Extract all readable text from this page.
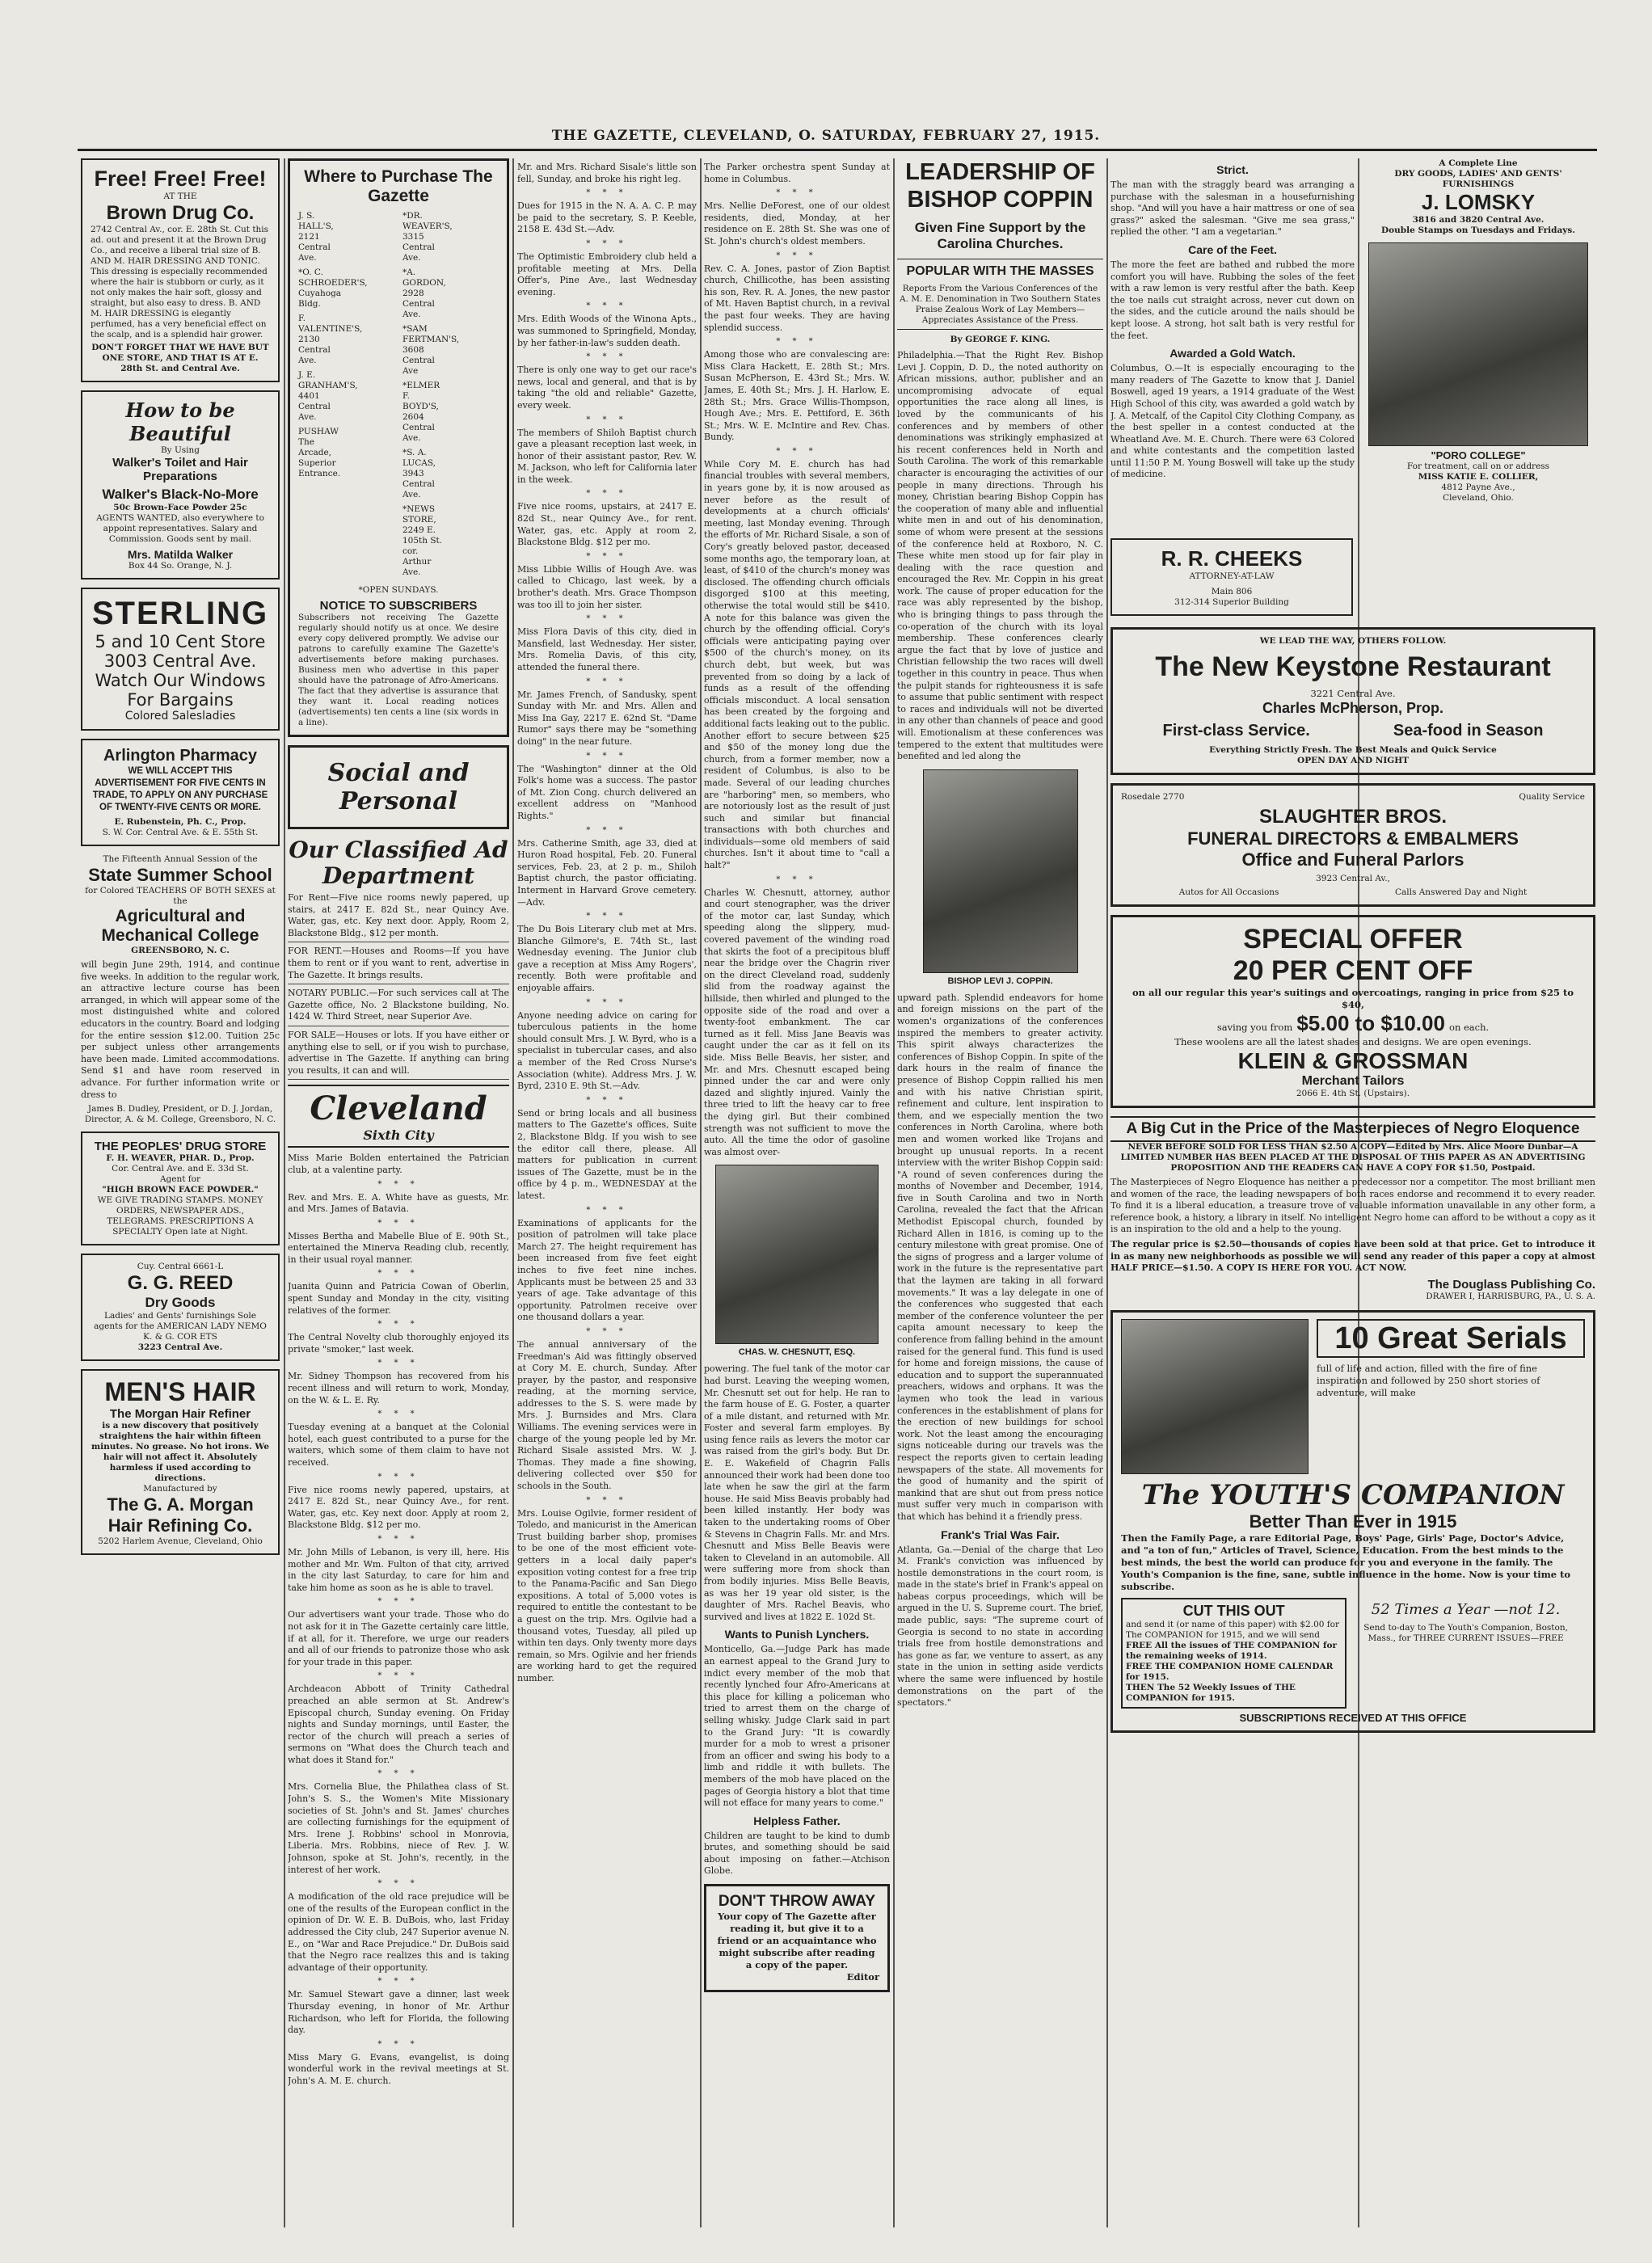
THE GAZETTE, CLEVELAND, O. SATURDAY, FEBRUARY 27, 1915.
Free! Free! Free!
AT THE
Brown Drug Co.
2742 Central Av., cor. E. 28th St. Cut this ad. out and present it at the Brown Drug Co., and receive a liberal trial size of B. AND M. HAIR DRESSING AND TONIC. This dressing is especially recommended where the hair is stubborn or curly, as it not only makes the hair soft, glossy and straight, but also easy to dress. B. AND M. HAIR DRESSING is elegantly perfumed, has a very beneficial effect on the scalp, and is a splendid hair grower.
DON'T FORGET THAT WE HAVE BUT ONE STORE, AND THAT IS AT E. 28th St. and Central Ave.
How to be Beautiful
By Using
Walker's Toilet and Hair Preparations
Walker's Black-No-More
50c Brown-Face Powder 25c
AGENTS WANTED, also everywhere to appoint representatives. Salary and Commission. Goods sent by mail.
Mrs. Matilda Walker
Box 44 So. Orange, N. J.
STERLING
5 and 10 Cent Store
3003 Central Ave.
Watch Our Windows
For Bargains
Colored Salesladies
Arlington Pharmacy
WE WILL ACCEPT THIS ADVERTISEMENT FOR FIVE CENTS IN TRADE, TO APPLY ON ANY PURCHASE OF TWENTY-FIVE CENTS OR MORE.
E. Rubenstein, Ph. C., Prop.
S. W. Cor. Central Ave. & E. 55th St.
The Fifteenth Annual Session of the
State Summer School
for Colored TEACHERS OF BOTH SEXES at the
Agricultural and Mechanical College
GREENSBORO, N. C.
will begin June 29th, 1914, and continue five weeks. In addition to the regular work, an attractive lecture course has been arranged, in which will appear some of the most distinguished white and colored educators in the country. Board and lodging for the entire session $12.00. Tuition 25c per subject unless other arrangements have been made. Limited accommodations. Send $1 and have room reserved in advance. For further information write or dress to
James B. Dudley, President, or D. J. Jordan, Director, A. & M. College, Greensboro, N. C.
THE PEOPLES' DRUG STORE
F. H. WEAVER, PHAR. D., Prop.
Cor. Central Ave. and E. 33d St.
Agent for
"HIGH BROWN FACE POWDER."
WE GIVE TRADING STAMPS. MONEY ORDERS, NEWSPAPER ADS., TELEGRAMS. PRESCRIPTIONS A SPECIALTY Open late at Night.
Cuy. Central 6661-L
G. G. REED
Dry Goods
Ladies' and Gents' furnishings Sole agents for the AMERICAN LADY NEMO K. & G. COR ETS
3223 Central Ave.
MEN'S HAIR
The Morgan Hair Refiner
is a new discovery that positively straightens the hair within fifteen minutes. No grease. No hot irons. We hair will not affect it. Absolutely harmless if used according to directions.
Manufactured by
The G. A. Morgan Hair Refining Co.
5202 Harlem Avenue, Cleveland, Ohio
Where to Purchase The Gazette
J. S. HALL'S, 2121 Central Ave.
*O. C. SCHROEDER'S, Cuyahoga Bldg.
F. VALENTINE'S, 2130 Central Ave.
J. E. GRANHAM'S, 4401 Central Ave.
PUSHAW The Arcade, Superior Entrance.
*DR. WEAVER'S, 3315 Central Ave.
*A. GORDON, 2928 Central Ave.
*SAM FERTMAN'S, 3608 Central Ave
*ELMER F. BOYD'S, 2604 Central Ave.
*S. A. LUCAS, 3943 Central Ave.
*NEWS STORE, 2249 E. 105th St. cor. Arthur Ave.
*OPEN SUNDAYS.
NOTICE TO SUBSCRIBERS
Subscribers not receiving The Gazette regularly should notify us at once. We desire every copy delivered promptly. We advise our patrons to carefully examine The Gazette's advertisements before making purchases. Business men who advertise in this paper should have the patronage of Afro-Americans. The fact that they advertise is assurance that they want it. Local reading notices (advertisements) ten cents a line (six words in a line).
Social and Personal
Our Classified Ad Department
For Rent—Five nice rooms newly papered, up stairs, at 2417 E. 82d St., near Quincy Ave. Water, gas, etc. Key next door. Apply, Room 2, Blackstone Bldg., $12 per month.
FOR RENT.—Houses and Rooms—If you have them to rent or if you want to rent, advertise in The Gazette. It brings results.
NOTARY PUBLIC.—For such services call at The Gazette office, No. 2 Blackstone building, No. 1424 W. Third Street, near Superior Ave.
FOR SALE—Houses or lots. If you have either or anything else to sell, or if you wish to purchase, advertise in The Gazette. If anything can bring you results, it can and will.
Cleveland
Sixth City
Miss Marie Bolden entertained the Patrician club, at a valentine party.
* * *
Rev. and Mrs. E. A. White have as guests, Mr. and Mrs. James of Batavia.
* * *
Misses Bertha and Mabelle Blue of E. 90th St., entertained the Minerva Reading club, recently, in their usual royal manner.
* * *
Juanita Quinn and Patricia Cowan of Oberlin, spent Sunday and Monday in the city, visiting relatives of the former.
* * *
The Central Novelty club thoroughly enjoyed its private "smoker," last week.
* * *
Mr. Sidney Thompson has recovered from his recent illness and will return to work, Monday, on the W. & L. E. Ry.
* * *
Tuesday evening at a banquet at the Colonial hotel, each guest contributed to a purse for the waiters, which some of them claim to have not received.
* * *
Five nice rooms newly papered, upstairs, at 2417 E. 82d St., near Quincy Ave., for rent. Water, gas, etc. Key next door. Apply at room 2, Blackstone Bldg. $12 per mo.
* * *
Mr. John Mills of Lebanon, is very ill, here. His mother and Mr. Wm. Fulton of that city, arrived in the city last Saturday, to care for him and take him home as soon as he is able to travel.
* * *
Our advertisers want your trade. Those who do not ask for it in The Gazette certainly care little, if at all, for it. Therefore, we urge our readers and all of our friends to patronize those who ask for your trade in this paper.
* * *
Archdeacon Abbott of Trinity Cathedral preached an able sermon at St. Andrew's Episcopal church, Sunday evening. On Friday nights and Sunday mornings, until Easter, the rector of the church will preach a series of sermons on "What does the Church teach and what does it Stand for."
* * *
Mrs. Cornelia Blue, the Philathea class of St. John's S. S., the Women's Mite Missionary societies of St. John's and St. James' churches are collecting furnishings for the equipment of Mrs. Irene J. Robbins' school in Monrovia, Liberia. Mrs. Robbins, niece of Rev. J. W. Johnson, spoke at St. John's, recently, in the interest of her work.
* * *
A modification of the old race prejudice will be one of the results of the European conflict in the opinion of Dr. W. E. B. DuBois, who, last Friday addressed the City club, 247 Superior avenue N. E., on "War and Race Prejudice." Dr. DuBois said that the Negro race realizes this and is taking advantage of their opportunity.
* * *
Mr. Samuel Stewart gave a dinner, last week Thursday evening, in honor of Mr. Arthur Richardson, who left for Florida, the following day.
* * *
Miss Mary G. Evans, evangelist, is doing wonderful work in the revival meetings at St. John's A. M. E. church.
Mr. and Mrs. Richard Sisale's little son fell, Sunday, and broke his right leg.
* * *
Dues for 1915 in the N. A. A. C. P. may be paid to the secretary, S. P. Keeble, 2158 E. 43d St.—Adv.
* * *
The Optimistic Embroidery club held a profitable meeting at Mrs. Della Offer's, Pine Ave., last Wednesday evening.
* * *
Mrs. Edith Woods of the Winona Apts., was summoned to Springfield, Monday, by her father-in-law's sudden death.
* * *
There is only one way to get our race's news, local and general, and that is by taking "the old and reliable" Gazette, every week.
* * *
The members of Shiloh Baptist church gave a pleasant reception last week, in honor of their assistant pastor, Rev. W. M. Jackson, who left for California later in the week.
* * *
Five nice rooms, upstairs, at 2417 E. 82d St., near Quincy Ave., for rent. Water, gas, etc. Apply at room 2, Blackstone Bldg. $12 per mo.
* * *
Miss Libbie Willis of Hough Ave. was called to Chicago, last week, by a brother's death. Mrs. Grace Thompson was too ill to join her sister.
* * *
Miss Flora Davis of this city, died in Mansfield, last Wednesday. Her sister, Mrs. Romelia Davis, of this city, attended the funeral there.
* * *
Mr. James French, of Sandusky, spent Sunday with Mr. and Mrs. Allen and Miss Ina Gay, 2217 E. 62nd St. "Dame Rumor" says there may be "something doing" in the near future.
* * *
The "Washington" dinner at the Old Folk's home was a success. The pastor of Mt. Zion Cong. church delivered an excellent address on "Manhood Rights."
* * *
Mrs. Catherine Smith, age 33, died at Huron Road hospital, Feb. 20. Funeral services, Feb. 23, at 2 p. m., Shiloh Baptist church, the pastor officiating. Interment in Harvard Grove cemetery.—Adv.
* * *
The Du Bois Literary club met at Mrs. Blanche Gilmore's, E. 74th St., last Wednesday evening. The Junior club gave a reception at Miss Amy Rogers', recently. Both were profitable and enjoyable affairs.
* * *
Anyone needing advice on caring for tuberculous patients in the home should consult Mrs. J. W. Byrd, who is a specialist in tubercular cases, and also a member of the Red Cross Nurse's Association (white). Address Mrs. J. W. Byrd, 2310 E. 9th St.—Adv.
* * *
Send or bring locals and all business matters to The Gazette's offices, Suite 2, Blackstone Bldg. If you wish to see the editor call there, please. All matters for publication in current issues of The Gazette, must be in the office by 4 p. m., WEDNESDAY at the latest.
* * *
Examinations of applicants for the position of patrolmen will take place March 27. The height requirement has been increased from five feet eight inches to five feet nine inches. Applicants must be between 25 and 33 years of age. Take advantage of this opportunity. Patrolmen receive over one thousand dollars a year.
* * *
The annual anniversary of the Freedman's Aid was fittingly observed at Cory M. E. church, Sunday. After prayer, by the pastor, and responsive reading, at the morning service, addresses to the S. S. were made by Mrs. J. Burnsides and Mrs. Clara Williams. The evening services were in charge of the young people led by Mr. Richard Sisale assisted Mrs. W. J. Thomas. They made a fine showing, delivering collected over $50 for schools in the South.
* * *
Mrs. Louise Ogilvie, former resident of Toledo, and manicurist in the American Trust building barber shop, promises to be one of the most efficient vote-getters in a local daily paper's exposition voting contest for a free trip to the Panama-Pacific and San Diego expositions. A total of 5,000 votes is required to entitle the contestant to be a guest on the trip. Mrs. Ogilvie had a thousand votes, Tuesday, all piled up within ten days. Only twenty more days remain, so Mrs. Ogilvie and her friends are working hard to get the required number.
The Parker orchestra spent Sunday at home in Columbus.
* * *
Mrs. Nellie DeForest, one of our oldest residents, died, Monday, at her residence on E. 28th St. She was one of St. John's church's oldest members.
* * *
Rev. C. A. Jones, pastor of Zion Baptist church, Chillicothe, has been assisting his son, Rev. R. A. Jones, the new pastor of Mt. Haven Baptist church, in a revival the past four weeks. They are having splendid success.
* * *
Among those who are convalescing are: Miss Clara Hackett, E. 28th St.; Mrs. Susan McPherson, E. 43rd St.; Mrs. W. James, E. 40th St.; Mrs. J. H. Harlow, E. 28th St.; Mrs. Grace Willis-Thompson, Hough Ave.; Mrs. E. Pettiford, E. 36th St.; Mrs. W. E. McIntire and Rev. Chas. Bundy.
* * *
While Cory M. E. church has had financial troubles with several members, in years gone by, it is now aroused as never before as the result of developments at a church officials' meeting, last Monday evening. Through the efforts of Mr. Richard Sisale, a son of Cory's greatly beloved pastor, deceased some months ago, the temporary loan, at least, of $410 of the church's money was disclosed. The offending church officials disgorged $100 at this meeting, otherwise the total would still be $410. A note for this balance was given the church by the offending official. Cory's officials were anticipating paying over $500 of the church's money, on its church debt, but week, but was prevented from so doing by a lack of funds as a result of the offending officials misconduct. A local sensation has been created by the forgoing and additional facts leaking out to the public. Another effort to secure between $25 and $50 of the money long due the church, from a former member, now a resident of Columbus, is also to be made. Several of our leading churches are "harboring" men, so members, who are notoriously lost as the result of just such and similar but financial transactions with both churches and individuals—some old members of said churches. Isn't it about time to "call a halt?"
* * *
Charles W. Chesnutt, attorney, author and court stenographer, was the driver of the motor car, last Sunday, which speeding along the slippery, mud-covered pavement of the winding road that skirts the foot of a precipitous bluff near the bridge over the Chagrin river on the direct Cleveland road, suddenly slid from the roadway against the hillside, then whirled and plunged to the opposite side of the road and over a twenty-foot embankment. The car turned as it fell. Miss Jane Beavis was caught under the car as it fell on its side. Miss Belle Beavis, her sister, and Mr. and Mrs. Chesnutt escaped being pinned under the car and were only dazed and slightly injured. Vainly the three tried to lift the heavy car to free the dying girl. But their combined strength was not sufficient to move the auto. All the time the odor of gasoline was almost over-
CHAS. W. CHESNUTT, ESQ.
powering. The fuel tank of the motor car had burst. Leaving the weeping women, Mr. Chesnutt set out for help. He ran to the farm house of E. G. Foster, a quarter of a mile distant, and returned with Mr. Foster and several farm employes. By using fence rails as levers the motor car was raised from the girl's body. But Dr. E. E. Wakefield of Chagrin Falls announced their work had been done too late when he saw the girl at the farm house. He said Miss Beavis probably had been killed instantly. Her body was taken to the undertaking rooms of Ober & Stevens in Chagrin Falls. Mr. and Mrs. Chesnutt and Miss Belle Beavis were taken to Cleveland in an automobile. All were suffering more from shock than from bodily injuries. Miss Belle Beavis, as was her 19 year old sister, is the daughter of Mrs. Rachel Beavis, who survived and lives at 1822 E. 102d St.
Wants to Punish Lynchers.
Monticello, Ga.—Judge Park has made an earnest appeal to the Grand Jury to indict every member of the mob that recently lynched four Afro-Americans at this place for killing a policeman who tried to arrest them on the charge of selling whisky. Judge Clark said in part to the Grand Jury: "It is cowardly murder for a mob to wrest a prisoner from an officer and swing his body to a limb and riddle it with bullets. The members of the mob have placed on the pages of Georgia history a blot that time will not efface for many years to come."
Helpless Father.
Children are taught to be kind to dumb brutes, and something should be said about imposing on father.—Atchison Globe.
DON'T THROW AWAY
Your copy of The Gazette after reading it, but give it to a friend or an acquaintance who might subscribe after reading a copy of the paper.
Editor
LEADERSHIP OF
BISHOP COPPIN
Given Fine Support by the Carolina Churches.
POPULAR WITH THE MASSES
Reports From the Various Conferences of the A. M. E. Denomination in Two Southern States Praise Zealous Work of Lay Members—Appreciates Assistance of the Press.
By GEORGE F. KING.
Philadelphia.—That the Right Rev. Bishop Levi J. Coppin, D. D., the noted authority on African missions, author, publisher and an uncompromising advocate of equal opportunities the race along all lines, is loved by the communicants of his conferences and by members of other denominations was strikingly emphasized at his recent conferences held in North and South Carolina. The work of this remarkable character is encouraging the activities of our people in many directions. Through his money, Christian bearing Bishop Coppin has the cooperation of many able and influential white men in and out of his denomination, some of whom were present at the sessions of the conference held at Roxboro, N. C. These white men stood up for fair play in dealing with the race question and encouraged the Rev. Mr. Coppin in his great work. The cause of proper education for the race was ably represented by the bishop, who is bringing things to pass through the co-operation of the church with its loyal membership. These conferences clearly argue the fact that by love of justice and Christian fellowship the two races will dwell together in this country in peace. Thus when the pulpit stands for righteousness it is safe to assume that public sentiment with respect to races and individuals will not be diverted in any other than channels of peace and good will. Emotionalism at these conferences was tempered to the extent that multitudes were benefited and led along the
BISHOP LEVI J. COPPIN.
upward path. Splendid endeavors for home and foreign missions on the part of the women's organizations of the conferences inspired the members to greater activity. This spirit always characterizes the conferences of Bishop Coppin. In spite of the dark hours in the realm of finance the presence of Bishop Coppin rallied his men and with his native Christian spirit, refinement and culture, lent inspiration to them, and we especially mention the two conferences in North Carolina, where both men and women worked like Trojans and brought up unusual reports. In a recent interview with the writer Bishop Coppin said: "A round of seven conferences during the months of November and December, 1914, five in South Carolina and two in North Carolina, revealed the fact that the African Methodist Episcopal church, founded by Richard Allen in 1816, is coming up to the century milestone with great promise. One of the signs of progress and a larger volume of work in the future is the representative part that the laymen are taking in all forward movements." It was a lay delegate in one of the conferences who suggested that each member of the conference volunteer the per capita amount necessary to keep the conference from falling behind in the amount raised for the general fund. This fund is used for home and foreign missions, the cause of education and to support the superannuated preachers, widows and orphans. It was the laymen who took the lead in various conferences in the establishment of plans for the erection of new buildings for school work. Not the least among the encouraging signs noticeable during our travels was the respect the reports given to certain leading newspapers of the state. All movements for the good of humanity and the spirit of mankind that are shut out from press notice must suffer very much in comparison with that which has behind it a friendly press.
Frank's Trial Was Fair.
Atlanta, Ga.—Denial of the charge that Leo M. Frank's conviction was influenced by hostile demonstrations in the court room, is made in the state's brief in Frank's appeal on habeas corpus proceedings, which will be argued in the U. S. Supreme court. The brief, made public, says: "The supreme court of Georgia is second to no state in according trials free from hostile demonstrations and has gone as far, we venture to assert, as any state in the union in setting aside verdicts where the same were influenced by hostile demonstrations on the part of the spectators."
Strict.
The man with the straggly beard was arranging a purchase with the salesman in a housefurnishing shop. "And will you have a hair mattress or one of sea grass?" asked the salesman. "Give me sea grass," replied the other. "I am a vegetarian."
Care of the Feet.
The more the feet are bathed and rubbed the more comfort you will have. Rubbing the soles of the feet with a raw lemon is very restful after the bath. Keep the toe nails cut straight across, never cut down on the sides, and the cuticle around the nails should be kept loose. A strong, hot salt bath is very restful for the feet.
Awarded a Gold Watch.
Columbus, O.—It is especially encouraging to the many readers of The Gazette to know that J. Daniel Boswell, aged 19 years, a 1914 graduate of the West High School of this city, was awarded a gold watch by J. A. Metcalf, of the Capitol City Clothing Company, as the best speller in a contest conducted at the Wheatland Ave. M. E. Church. There were 63 Colored and white contestants and the competition lasted until 11:50 P. M. Young Boswell will take up the study of medicine.
R. R. CHEEKS
ATTORNEY-AT-LAW
Main 806
312-314 Superior Building
WE LEAD THE WAY, OTHERS FOLLOW.
The New Keystone Restaurant
3221 Central Ave.
Charles McPherson, Prop.
First-class Service.	Sea-food in Season
Everything Strictly Fresh. The Best Meals and Quick Service
OPEN DAY AND NIGHT
Rosedale 2770	Quality Service
SLAUGHTER BROS.
FUNERAL DIRECTORS & EMBALMERS
Office and Funeral Parlors
3923 Central Av.,
Autos for All Occasions	Calls Answered Day and Night
SPECIAL OFFER
20 PER CENT OFF
on all our regular this year's suitings and overcoatings, ranging in price from $25 to $40,
saving you from $5.00 to $10.00 on each.
These woolens are all the latest shades and designs. We are open evenings.
KLEIN & GROSSMAN
Merchant Tailors
2066 E. 4th St. (Upstairs).
A Big Cut in the Price of the Masterpieces of Negro Eloquence
NEVER BEFORE SOLD FOR LESS THAN $2.50 A COPY—Edited by Mrs. Alice Moore Dunbar—A LIMITED NUMBER HAS BEEN PLACED AT THE DISPOSAL OF THIS PAPER AS AN ADVERTISING PROPOSITION AND THE READERS CAN HAVE A COPY FOR $1.50, Postpaid.
The Masterpieces of Negro Eloquence has neither a predecessor nor a competitor. The most brilliant men and women of the race, the leading newspapers of both races endorse and recommend it to every reader. To find it is a liberal education, a treasure trove of valuable information unavailable in any other form, a reference book, a history, a library in itself. No intelligent Negro home can afford to be without a copy as it is an inspiration to the old and a help to the young.
The regular price is $2.50—thousands of copies have been sold at that price. Get to introduce it in as many new neighborhoods as possible we will send any reader of this paper a copy at almost HALF PRICE—$1.50. A COPY IS HERE FOR YOU. ACT NOW.
The Douglass Publishing Co.
DRAWER I, HARRISBURG, PA., U. S. A.
10 Great Serials
full of life and action, filled with the fire of fine inspiration and followed by 250 short stories of adventure, will make
The YOUTH'S COMPANION
Better Than Ever in 1915
Then the Family Page, a rare Editorial Page, Boys' Page, Girls' Page, Doctor's Advice, and "a ton of fun," Articles of Travel, Science, Education. From the best minds to the best minds, the best the world can produce for you and everyone in the family. The Youth's Companion is the fine, sane, subtle influence in the home. Now is your time to subscribe.
CUT THIS OUT
and send it (or name of this paper) with $2.00 for The COMPANION for 1915, and we will send
FREE All the issues of THE COMPANION for the remaining weeks of 1914.
FREE THE COMPANION HOME CALENDAR for 1915.
THEN The 52 Weekly Issues of THE COMPANION for 1915.
52 Times a Year —not 12.
Send to-day to The Youth's Companion, Boston, Mass., for THREE CURRENT ISSUES—FREE
SUBSCRIPTIONS RECEIVED AT THIS OFFICE
A Complete Line
DRY GOODS, LADIES' AND GENTS' FURNISHINGS
J. LOMSKY
3816 and 3820 Central Ave.
Double Stamps on Tuesdays and Fridays.
"PORO COLLEGE"
For treatment, call on or address
MISS KATIE E. COLLIER,
4812 Payne Ave.,
Cleveland, Ohio.
